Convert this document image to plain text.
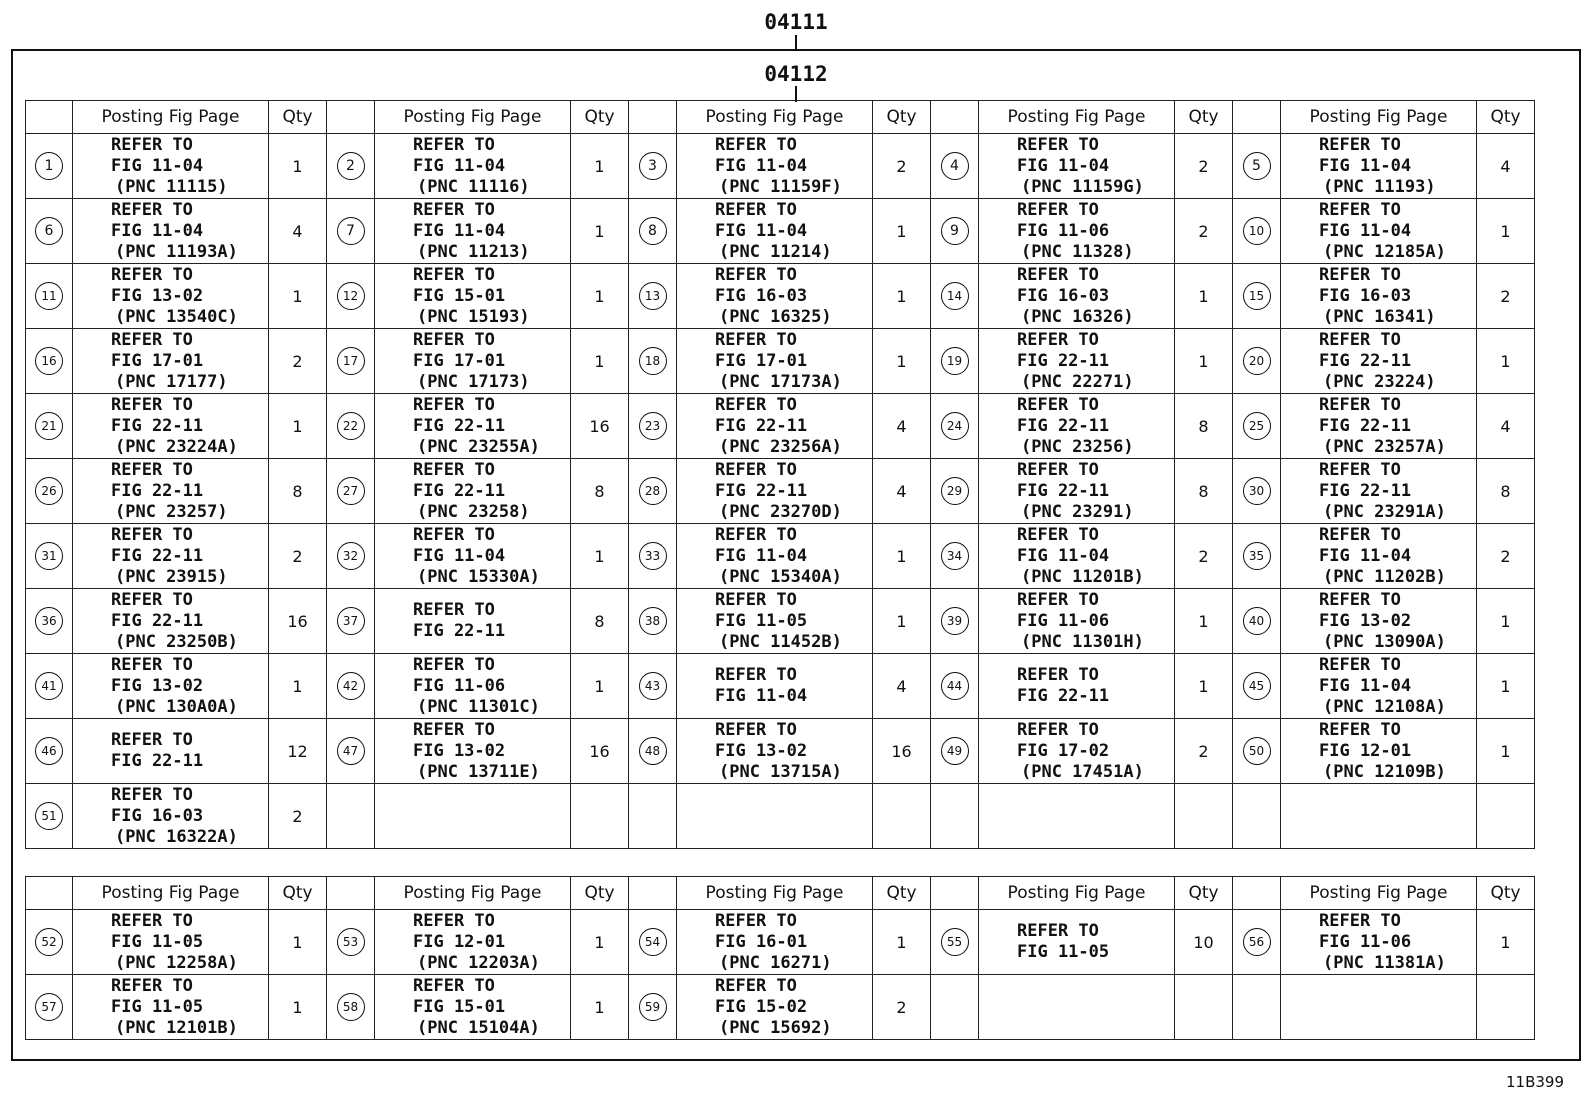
04111
04112
	Posting Fig Page	Qty		Posting Fig Page	Qty		Posting Fig Page	Qty		Posting Fig Page	Qty		Posting Fig Page	Qty
1	REFER TO
FIG 11-04
(PNC 11115)	1	2	REFER TO
FIG 11-04
(PNC 11116)	1	3	REFER TO
FIG 11-04
(PNC 11159F)	2	4	REFER TO
FIG 11-04
(PNC 11159G)	2	5	REFER TO
FIG 11-04
(PNC 11193)	4
6	REFER TO
FIG 11-04
(PNC 11193A)	4	7	REFER TO
FIG 11-04
(PNC 11213)	1	8	REFER TO
FIG 11-04
(PNC 11214)	1	9	REFER TO
FIG 11-06
(PNC 11328)	2	10	REFER TO
FIG 11-04
(PNC 12185A)	1
11	REFER TO
FIG 13-02
(PNC 13540C)	1	12	REFER TO
FIG 15-01
(PNC 15193)	1	13	REFER TO
FIG 16-03
(PNC 16325)	1	14	REFER TO
FIG 16-03
(PNC 16326)	1	15	REFER TO
FIG 16-03
(PNC 16341)	2
16	REFER TO
FIG 17-01
(PNC 17177)	2	17	REFER TO
FIG 17-01
(PNC 17173)	1	18	REFER TO
FIG 17-01
(PNC 17173A)	1	19	REFER TO
FIG 22-11
(PNC 22271)	1	20	REFER TO
FIG 22-11
(PNC 23224)	1
21	REFER TO
FIG 22-11
(PNC 23224A)	1	22	REFER TO
FIG 22-11
(PNC 23255A)	16	23	REFER TO
FIG 22-11
(PNC 23256A)	4	24	REFER TO
FIG 22-11
(PNC 23256)	8	25	REFER TO
FIG 22-11
(PNC 23257A)	4
26	REFER TO
FIG 22-11
(PNC 23257)	8	27	REFER TO
FIG 22-11
(PNC 23258)	8	28	REFER TO
FIG 22-11
(PNC 23270D)	4	29	REFER TO
FIG 22-11
(PNC 23291)	8	30	REFER TO
FIG 22-11
(PNC 23291A)	8
31	REFER TO
FIG 22-11
(PNC 23915)	2	32	REFER TO
FIG 11-04
(PNC 15330A)	1	33	REFER TO
FIG 11-04
(PNC 15340A)	1	34	REFER TO
FIG 11-04
(PNC 11201B)	2	35	REFER TO
FIG 11-04
(PNC 11202B)	2
36	REFER TO
FIG 22-11
(PNC 23250B)	16	37	REFER TO
FIG 22-11	8	38	REFER TO
FIG 11-05
(PNC 11452B)	1	39	REFER TO
FIG 11-06
(PNC 11301H)	1	40	REFER TO
FIG 13-02
(PNC 13090A)	1
41	REFER TO
FIG 13-02
(PNC 130A0A)	1	42	REFER TO
FIG 11-06
(PNC 11301C)	1	43	REFER TO
FIG 11-04	4	44	REFER TO
FIG 22-11	1	45	REFER TO
FIG 11-04
(PNC 12108A)	1
46	REFER TO
FIG 22-11	12	47	REFER TO
FIG 13-02
(PNC 13711E)	16	48	REFER TO
FIG 13-02
(PNC 13715A)	16	49	REFER TO
FIG 17-02
(PNC 17451A)	2	50	REFER TO
FIG 12-01
(PNC 12109B)	1
51	REFER TO
FIG 16-03
(PNC 16322A)	2												
	Posting Fig Page	Qty		Posting Fig Page	Qty		Posting Fig Page	Qty		Posting Fig Page	Qty		Posting Fig Page	Qty
52	REFER TO
FIG 11-05
(PNC 12258A)	1	53	REFER TO
FIG 12-01
(PNC 12203A)	1	54	REFER TO
FIG 16-01
(PNC 16271)	1	55	REFER TO
FIG 11-05	10	56	REFER TO
FIG 11-06
(PNC 11381A)	1
57	REFER TO
FIG 11-05
(PNC 12101B)	1	58	REFER TO
FIG 15-01
(PNC 15104A)	1	59	REFER TO
FIG 15-02
(PNC 15692)	2						
11B399
